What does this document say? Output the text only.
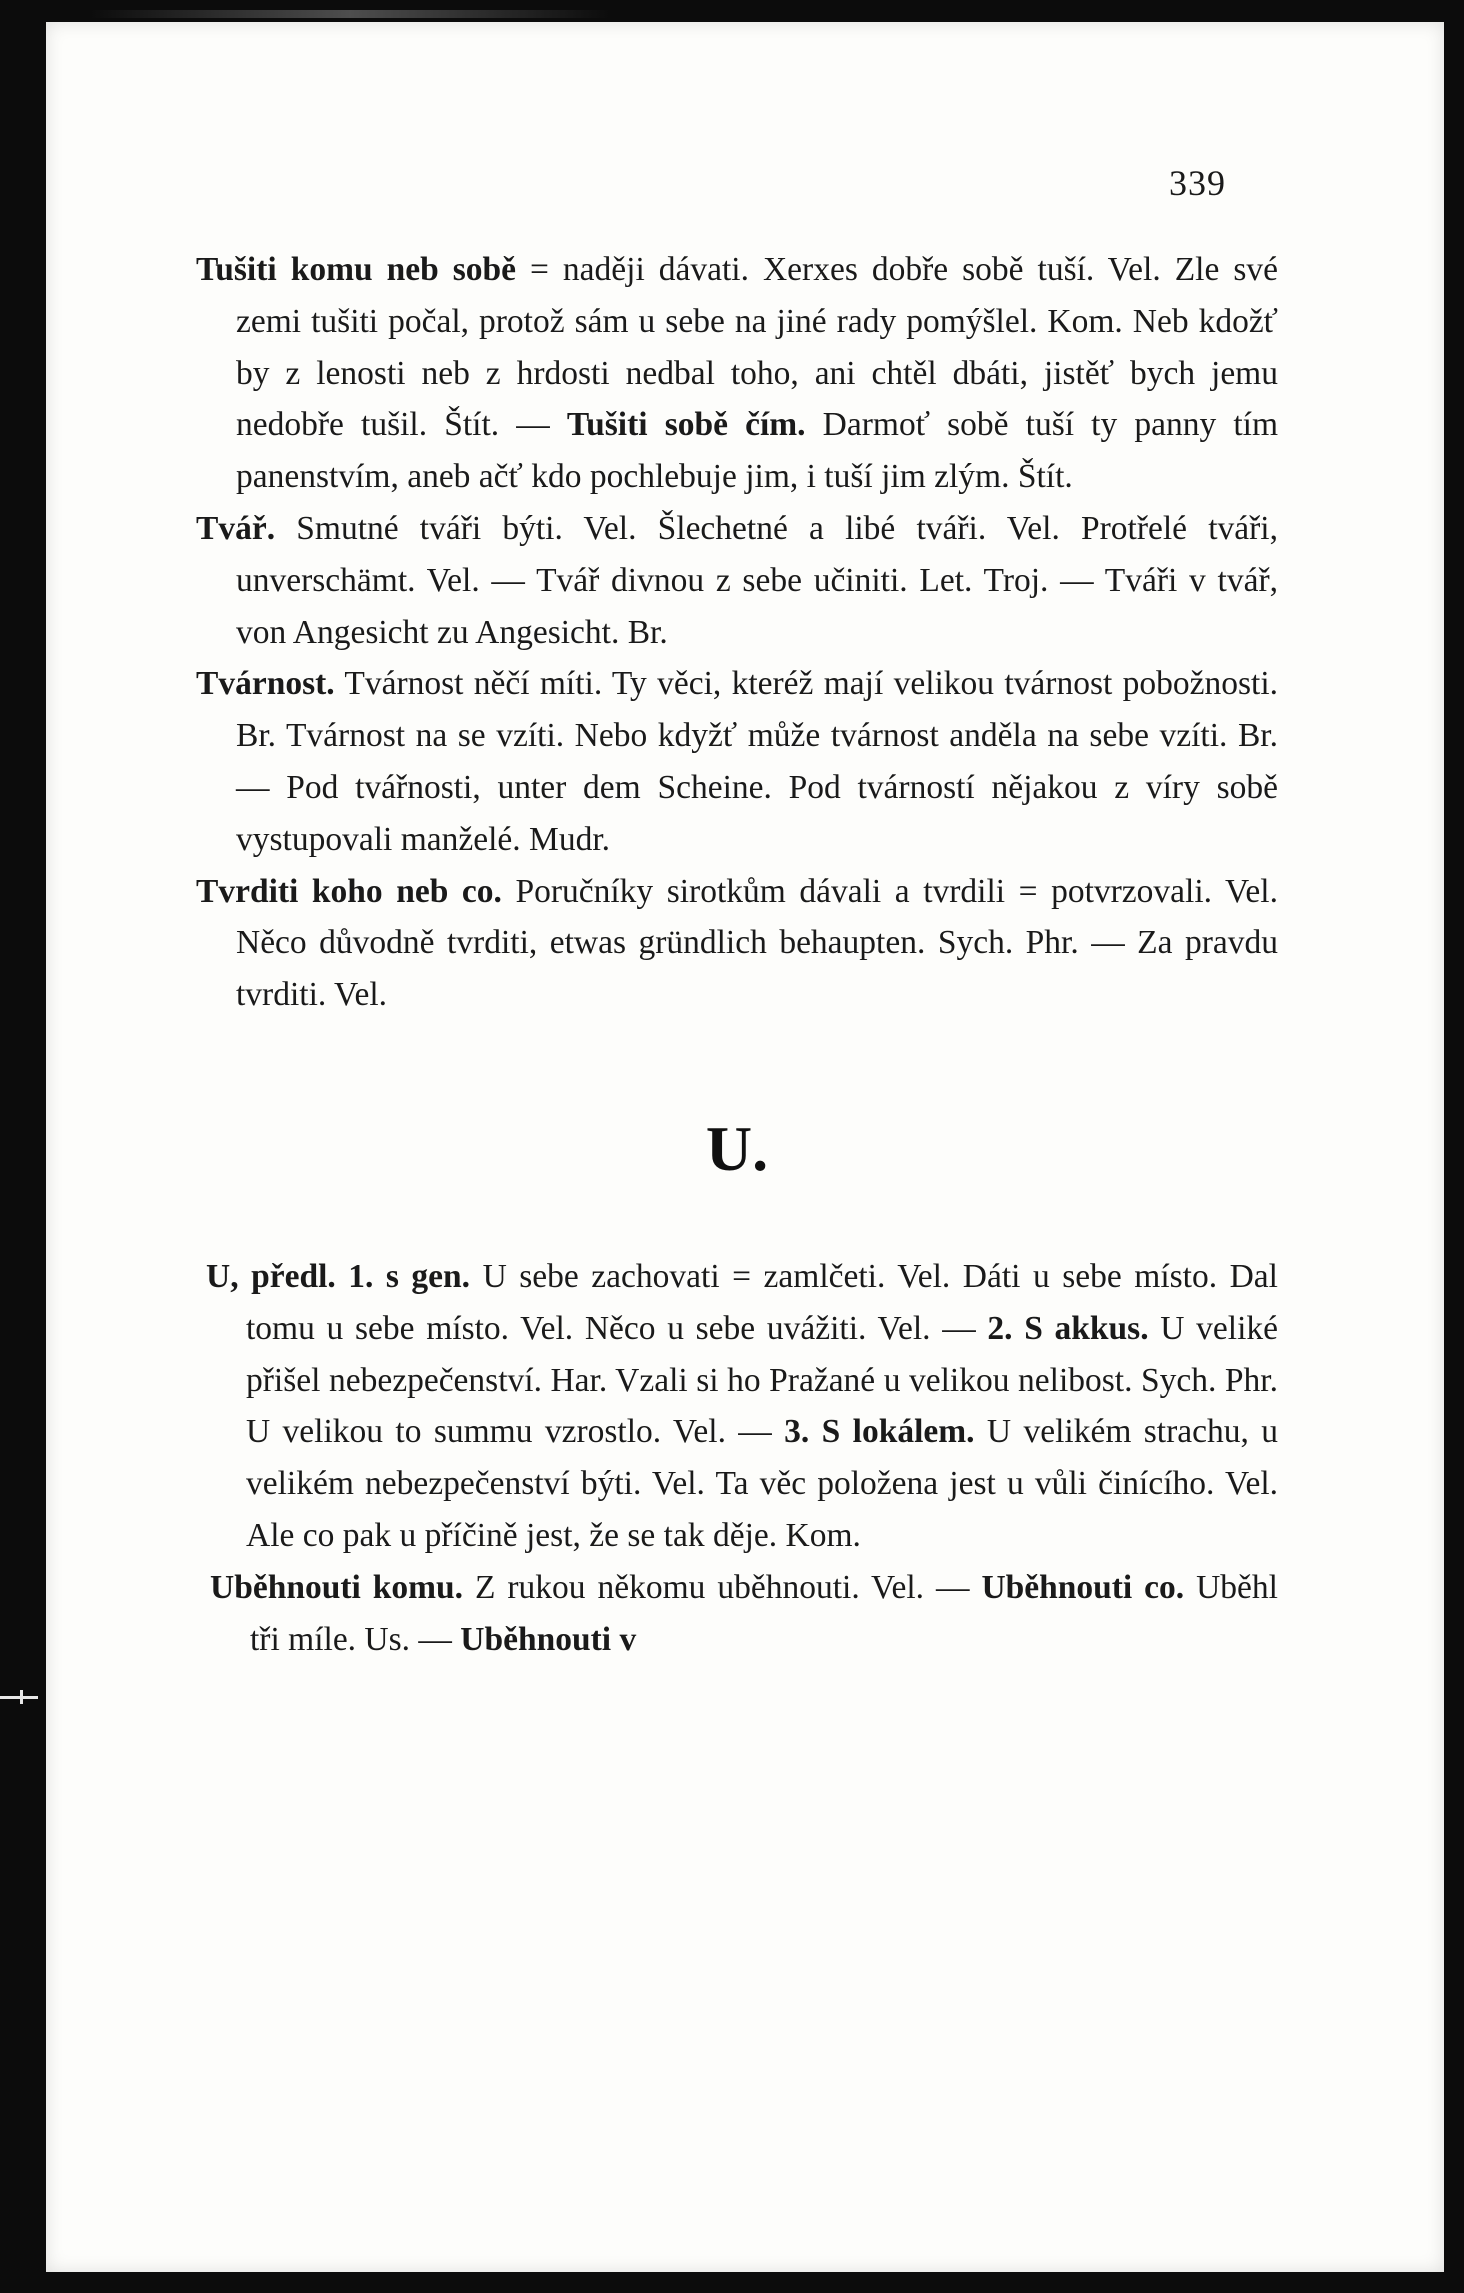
339

Tušiti komu neb sobě = naději dávati. Xerxes dobře sobě tuší. Vel. Zle své zemi tušiti počal, protož sám u sebe na jiné rady pomýšlel. Kom. Neb kdožť by z lenosti neb z hrdosti nedbal toho, ani chtěl dbáti, jistěť bych jemu nedobře tušil. Štít. — Tušiti sobě čím. Darmoť sobě tuší ty panny tím panenstvím, aneb ačť kdo pochlebuje jim, i tuší jim zlým. Štít.

Tvář. Smutné tváři býti. Vel. Šlechetné a libé tváři. Vel. Protřelé tváři, unverschämt. Vel. — Tvář divnou z sebe učiniti. Let. Troj. — Tváři v tvář, von Angesicht zu Angesicht. Br.

Tvárnost. Tvárnost něčí míti. Ty věci, kteréž mají velikou tvárnost pobožnosti. Br. Tvárnost na se vzíti. Nebo kdyžť může tvárnost anděla na sebe vzíti. Br. — Pod tvářnosti, unter dem Scheine. Pod tvárností nějakou z víry sobě vystupovali manželé. Mudr.

Tvrditi koho neb co. Poručníky sirotkům dávali a tvrdili = potvrzovali. Vel. Něco důvodně tvrditi, etwas gründlich behaupten. Sych. Phr. — Za pravdu tvrditi. Vel.

U.

U, předl. 1. s gen. U sebe zachovati = zamlčeti. Vel. Dáti u sebe místo. Dal tomu u sebe místo. Vel. Něco u sebe uvážiti. Vel. — 2. S akkus. U veliké přišel nebezpečenství. Har. Vzali si ho Pražané u velikou nelibost. Sych. Phr. U velikou to summu vzrostlo. Vel. — 3. S lokálem. U velikém strachu, u velikém nebezpečenství býti. Vel. Ta věc položena jest u vůli činícího. Vel. Ale co pak u příčině jest, že se tak děje. Kom.

Uběhnouti komu. Z rukou někomu uběhnouti. Vel. — Uběhnouti co. Uběhl tři míle. Us. — Uběhnouti v
